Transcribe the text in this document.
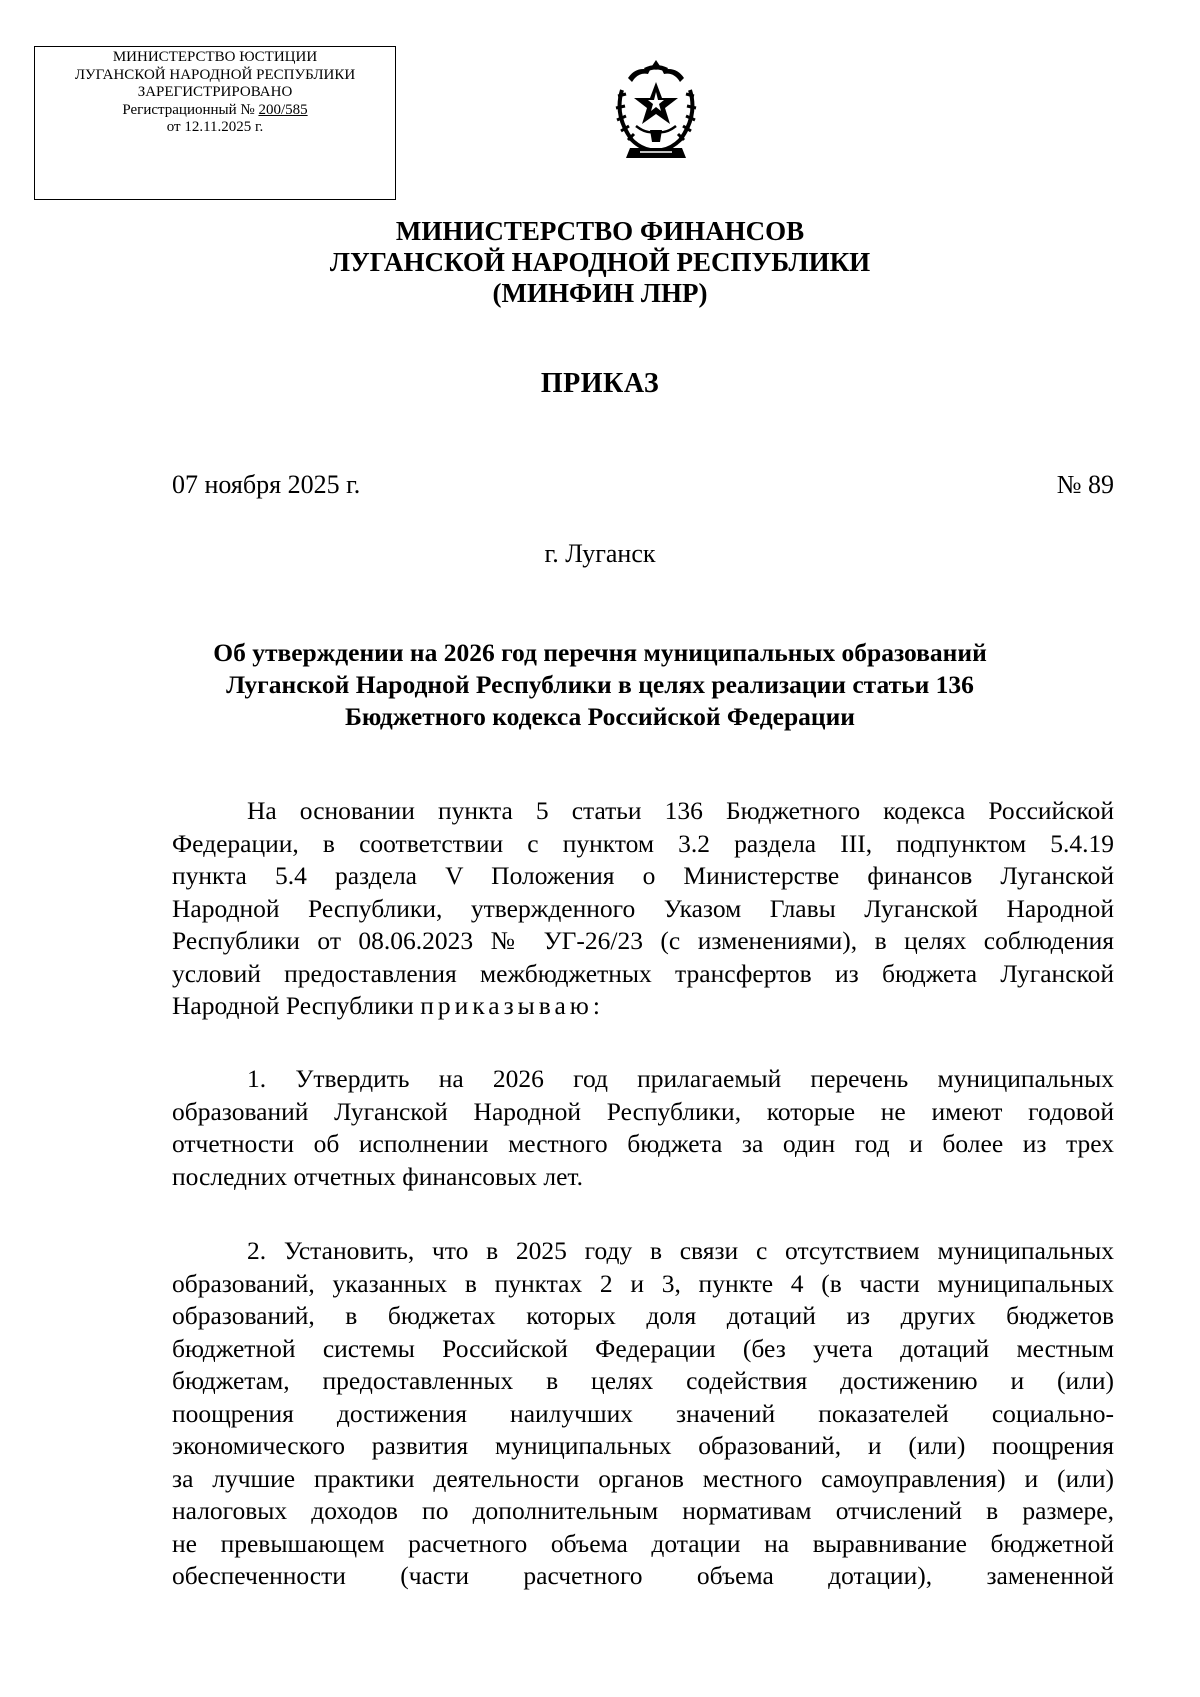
МИНИСТЕРСТВО ЮСТИЦИИ
ЛУГАНСКОЙ НАРОДНОЙ РЕСПУБЛИКИ
ЗАРЕГИСТРИРОВАНО
Регистрационный № 200/585
от 12.11.2025 г.
МИНИСТЕРСТВО ФИНАНСОВ
ЛУГАНСКОЙ НАРОДНОЙ РЕСПУБЛИКИ
(МИНФИН ЛНР)
ПРИКАЗ
07 ноября 2025 г.	№ 89
г. Луганск
Об утверждении на 2026 год перечня муниципальных образований
Луганской Народной Республики в целях реализации статьи 136
Бюджетного кодекса Российской Федерации
На основании пункта 5 статьи 136 Бюджетного кодекса Российской
Федерации, в соответствии с пунктом 3.2 раздела III, подпунктом 5.4.19
пункта 5.4 раздела V Положения о Министерстве финансов Луганской
Народной Республики, утвержденного Указом Главы Луганской Народной
Республики от 08.06.2023 № УГ-26/23 (с изменениями), в целях соблюдения
условий предоставления межбюджетных трансфертов из бюджета Луганской
Народной Республики приказываю:
1. Утвердить на 2026 год прилагаемый перечень муниципальных
образований Луганской Народной Республики, которые не имеют годовой
отчетности об исполнении местного бюджета за один год и более из трех
последних отчетных финансовых лет.
2. Установить, что в 2025 году в связи с отсутствием муниципальных
образований, указанных в пунктах 2 и 3, пункте 4 (в части муниципальных
образований, в бюджетах которых доля дотаций из других бюджетов
бюджетной системы Российской Федерации (без учета дотаций местным
бюджетам, предоставленных в целях содействия достижению и (или)
поощрения достижения наилучших значений показателей социально-
экономического развития муниципальных образований, и (или) поощрения
за лучшие практики деятельности органов местного самоуправления) и (или)
налоговых доходов по дополнительным нормативам отчислений в размере,
не превышающем расчетного объема дотации на выравнивание бюджетной
обеспеченности (части расчетного объема дотации), замененной
